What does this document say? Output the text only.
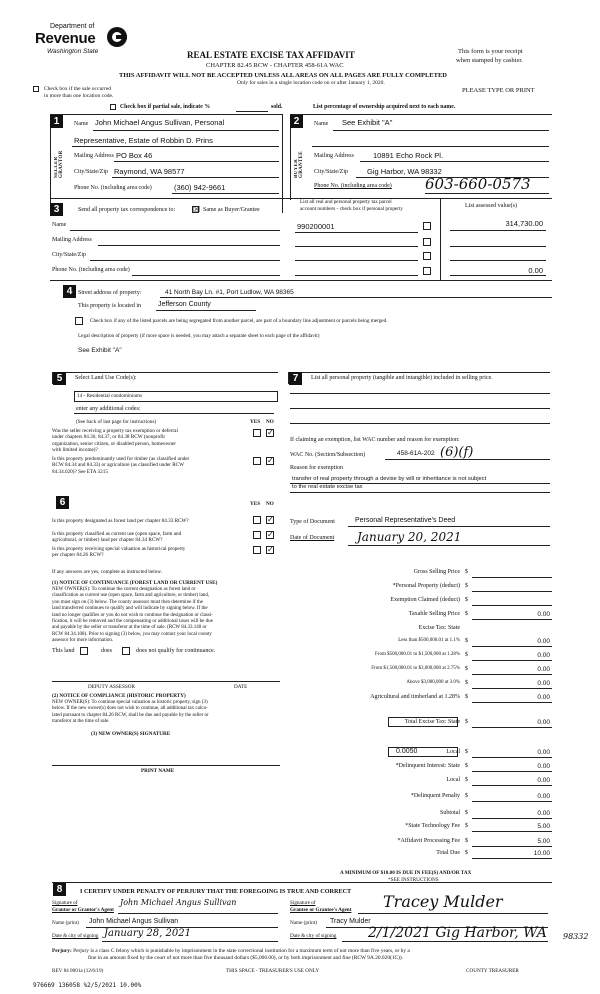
Department of
Revenue
Washington State	REAL ESTATE EXCISE TAX AFFIDAVIT
CHAPTER 82.45 RCW - CHAPTER 458-61A WAC
This form is your receipt
when stamped by cashier.
THIS AFFIDAVIT WILL NOT BE ACCEPTED UNLESS ALL AREAS ON ALL PAGES ARE FULLY COMPLETED
Only for sales in a single location code on or after January 1, 2020.
Check box if the sale occurred
in more than one location code.
PLEASE TYPE OR PRINT
Check box if partial sale, indicate %	sold.	List percentage of ownership acquired next to each name.
1
SELLER GRANTOR
Name John Michael Angus Sullivan, Personal
Representative, Estate of Robbin D. Prins
Mailing Address PO Box 46
City/State/Zip Raymond, WA 98577
Phone No. (including area code)	(360) 942-9661
2
BUYER GRANTEE
Name See Exhibit "A"
Mailing Address	10891 Echo Rock Pl.
City/State/Zip	Gig Harbor, WA 98332
Phone No. (including area code) 603-660-0573
3	Send all property tax correspondence to: ☒ Same as Buyer/Grantee
List all real and personal property tax parcel
account numbers - check box if personal property	List assessed value(s)
Name	990200001	314,730.00
Mailing Address
City/State/Zip
Phone No. (including area code)	0.00
4 Street address of property:	41 North Bay Ln. #1, Port Ludlow, WA 98365
This property is located in Jefferson County
Check box if any of the listed parcels are being segregated from another parcel, are part of a boundary line adjustment or parcels being merged.
Legal description of property (if more space is needed, you may attach a separate sheet to each page of the affidavit)
See Exhibit "A"
5	Select Land Use Code(s):
14 - Residential condominiums
enter any additional codes:
(See back of last page for instructions)	YES NO
Was the seller receiving a property tax exemption or deferral
under chapters 84.36, 84.37, or 84.38 RCW (nonprofit
organization, senior citizen, or disabled person, homeowner
with limited income)?
✓
Is this property predominantly used for timber (as classified under
RCW 84.34 and 84.33) or agriculture (as classified under RCW
84.34.020)? See ETA 3215
✓
6	YES NO
Is this property designated as forest land per chapter 84.33 RCW?	✓
Is this property classified as current use (open space, farm and
agricultural, or timber) land per chapter 84.34 RCW?
✓
Is this property receiving special valuation as historical property
per chapter 84.26 RCW?
✓
If any answers are yes, complete as instructed below.
(1) NOTICE OF CONTINUANCE (FOREST LAND OR CURRENT USE)
NEW OWNER(S): To continue the current designation as forest land or
classification as current use (open space, farm and agriculture, or timber) land,
you must sign on (3) below. The county assessor must then determine if the
land transferred continues to qualify and will indicate by signing below. If the
land no longer qualifies or you do not wish to continue the designation or classi-
fication, it will be removed and the compensating or additional taxes will be due
and payable by the seller or transferor at the time of sale. (RCW 84.33.140 or
RCW 84.34.108). Prior to signing (3) below, you may contact your local county
assessor for more information.
This land	does	does not qualify for continuance.
DEPUTY ASSESSOR	DATE
(2) NOTICE OF COMPLIANCE (HISTORIC PROPERTY)
NEW OWNER(S): To continue special valuation as historic property, sign (3)
below. If the new owner(s) does not wish to continue, all additional tax calcu-
lated pursuant to chapter 84.26 RCW, shall be due and payable by the seller or
transferor at the time of sale.
(3) NEW OWNER(S) SIGNATURE
PRINT NAME
7	List all personal property (tangible and intangible) included in selling price.
If claiming an exemption, list WAC number and reason for exemption:
WAC No. (Section/Subsection)	458-61A-202 (6)(f)
Reason for exemption
transfer of real property through a devise by will or inheritance is not subject
to the real estate excise tax
Type of Document	Personal Representative's Deed
Date of Document January 20, 2021
Gross Selling Price $
*Personal Property (deduct) $
Exemption Claimed (deduct) $
Taxable Selling Price $	0.00
Excise Tax: State
Less than $500,000.01 at 1.1% $	0.00
From $500,000.01 to $1,500,000 at 1.28% $	0.00
From $1,500,000.01 to $3,000,000 at 2.75% $	0.00
Above $3,000,000 at 3.0% $	0.00
Agricultural and timberland at 1.28% $	0.00
Total Excise Tax: State $	0.00
0.0050	Local $	0.00
*Delinquent Interest: State $	0.00
Local $	0.00
*Delinquent Penalty $	0.00
Subtotal $	0.00
*State Technology Fee $	5.00
*Affidavit Processing Fee $	5.00
Total Due $	10.00
A MINIMUM OF $10.00 IS DUE IN FEE(S) AND/OR TAX
*SEE INSTRUCTIONS
8	I CERTIFY UNDER PENALTY OF PERJURY THAT THE FOREGOING IS TRUE AND CORRECT
Signature of
Grantor or Grantor's Agent
John Michael Angus Sullivan	Signature of
Grantee or Grantee's Agent Tracey Mulder
Name (print) John Michael Angus Sullivan	Name (print) Tracy Mulder
Date & city of signing January 28, 2021	Date & city of signing 2/1/2021 Gig Harbor, WA 98332
Perjury: Perjury is a class C felony which is punishable by imprisonment in the state correctional institution for a maximum term of not more than five years, or by a
fine in an amount fixed by the court of not more than five thousand dollars ($5,000.00), or by both imprisonment and fine (RCW 9A.20.020(1C)).
REV 84 0001a (12/6/19)	THIS SPACE - TREASURER'S USE ONLY	COUNTY TREASURER
976669 136058 %2/5/2021 10.00%
